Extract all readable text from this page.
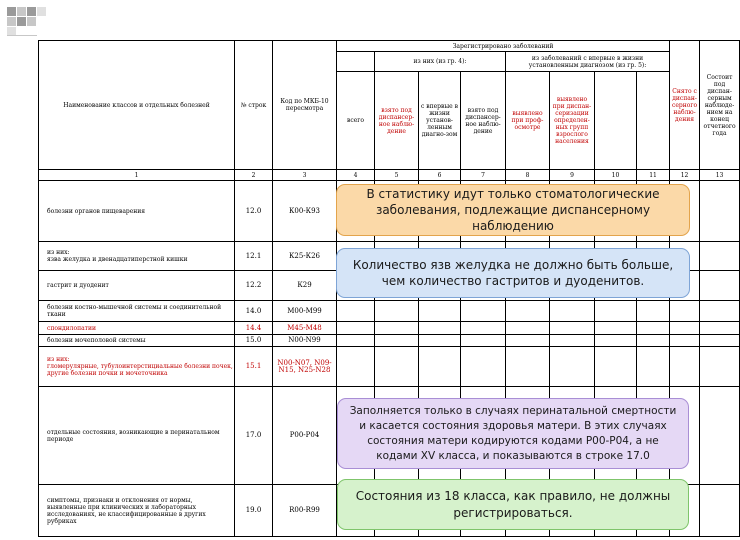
Наименование классов и отдельных болезней	№ строк	Код по МКБ-10 пересмотра	Зарегистрировано заболеваний								Снято с диспан-серного наблю-дения	Состоит под диспан-серным наблюде-нием на конец отчетного года
				из них (из гр. 4):			из заболеваний с впервые в жизни установленным диагнозом (из гр. 5):					
			всего	взято под диспансер-ное наблю-дение	с впервые в жизни установ-ленным диагно-зом	взято под диспансер-ное наблю-дение	выявлено при проф-осмотре	выявлено при диспан-серизации определен-ных групп взрослого населения				
1	2	3	4	5	6	7	8	9	10	11	12	13
болезни органов пищеварения	12.0	К00-К93										
из них:
язва желудка и двенадцатиперстной кишки	12.1	К25-К26										
гастрит и дуоденит	12.2	К29										
болезни костно-мышечной системы и соединительной ткани	14.0	М00-М99										
спондилопатии	14.4	М45-М48										
болезни мочеполовой системы	15.0	N00-N99										
из них:
гломерулярные, тубулоинтерстициальные болезни почек, другие болезни почки и мочеточника	15.1	N00-N07, N09-N15, N25-N28										
отдельные состояния, возникающие в перинатальном периоде	17.0	Р00-Р04										
симптомы, признаки и отклонения от нормы, выявленные при клинических и лабораторных исследованиях, не классифицированные в других рубриках	19.0	R00-R99										
В статистику идут только стоматологические заболевания, подлежащие диспансерному наблюдению
Количество язв желудка не должно быть больше, чем количество гастритов и дуоденитов.
Заполняется только в случаях перинатальной смертности и касается состояния здоровья матери. В этих случаях состояния матери кодируются кодами Р00-Р04, а не кодами XV класса, и показываются в строке 17.0
Состояния из 18 класса, как правило, не должны регистрироваться.
